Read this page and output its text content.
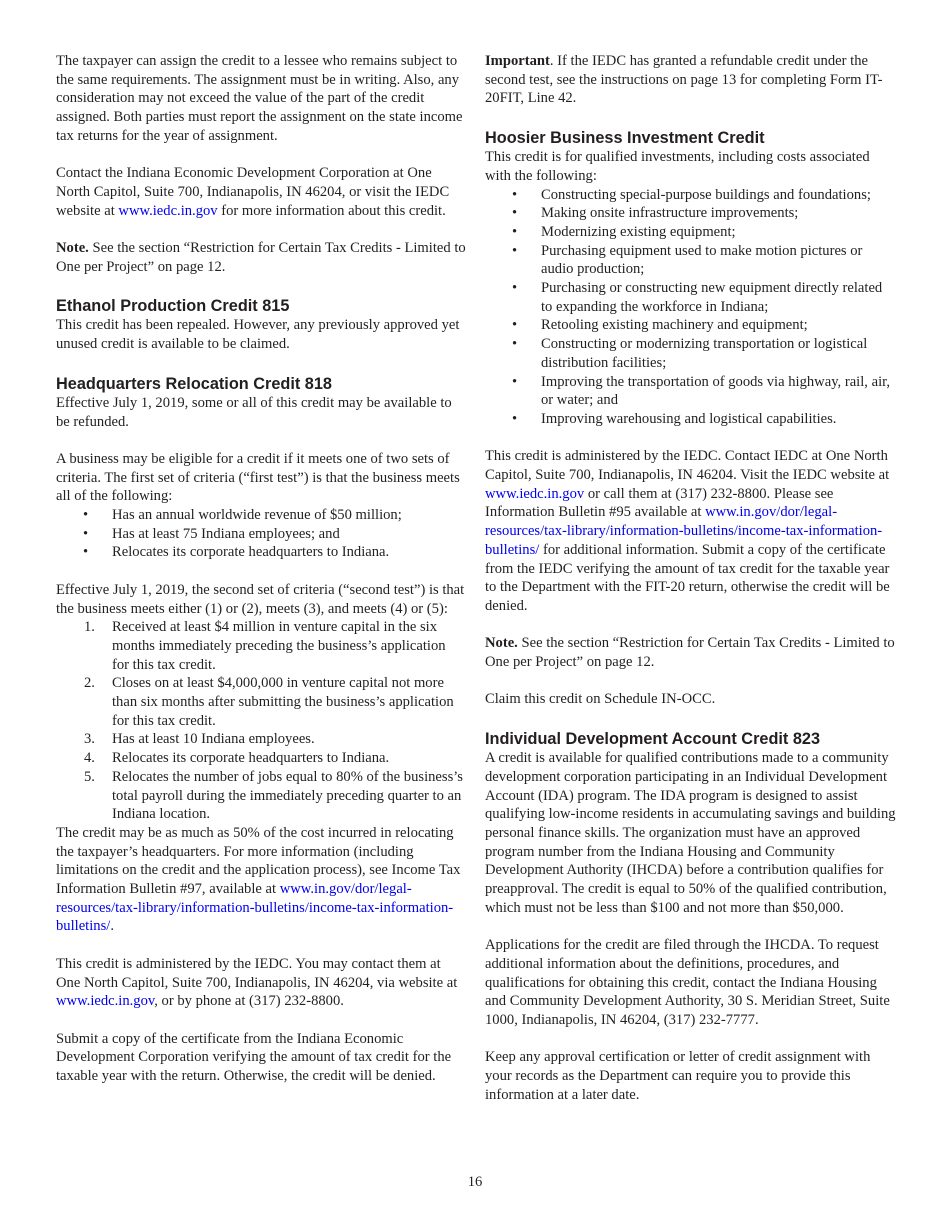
The taxpayer can assign the credit to a lessee who remains subject to the same requirements. The assignment must be in writing. Also, any consideration may not exceed the value of the part of the credit assigned. Both parties must report the assignment on the state income tax returns for the year of assignment.

Contact the Indiana Economic Development Corporation at One North Capitol, Suite 700, Indianapolis, IN 46204, or visit the IEDC website at www.iedc.in.gov for more information about this credit.

Note. See the section “Restriction for Certain Tax Credits - Limited to One per Project” on page 12.

Ethanol Production Credit 815

This credit has been repealed. However, any previously approved yet unused credit is available to be claimed.

Headquarters Relocation Credit 818

Effective July 1, 2019, some or all of this credit may be available to be refunded.

A business may be eligible for a credit if it meets one of two sets of criteria. The first set of criteria (“first test”) is that the business meets all of the following:

• Has an annual worldwide revenue of $50 million;
• Has at least 75 Indiana employees; and
• Relocates its corporate headquarters to Indiana.

Effective July 1, 2019, the second set of criteria (“second test”) is that the business meets either (1) or (2), meets (3), and meets (4) or (5):

1. Received at least $4 million in venture capital in the six months immediately preceding the business’s application for this tax credit.
2. Closes on at least $4,000,000 in venture capital not more than six months after submitting the business’s application for this tax credit.
3. Has at least 10 Indiana employees.
4. Relocates its corporate headquarters to Indiana.
5. Relocates the number of jobs equal to 80% of the business’s total payroll during the immediately preceding quarter to an Indiana location.

The credit may be as much as 50% of the cost incurred in relocating the taxpayer’s headquarters. For more information (including limitations on the credit and the application process), see Income Tax Information Bulletin #97, available at www.in.gov/dor/legal-resources/tax-library/information-bulletins/income-tax-information-bulletins/.

This credit is administered by the IEDC. You may contact them at One North Capitol, Suite 700, Indianapolis, IN 46204, via website at www.iedc.in.gov, or by phone at (317) 232-8800.

Submit a copy of the certificate from the Indiana Economic Development Corporation verifying the amount of tax credit for the taxable year with the return. Otherwise, the credit will be denied.

Important. If the IEDC has granted a refundable credit under the second test, see the instructions on page 13 for completing Form IT-20FIT, Line 42.

Hoosier Business Investment Credit

This credit is for qualified investments, including costs associated with the following:

• Constructing special-purpose buildings and foundations;
• Making onsite infrastructure improvements;
• Modernizing existing equipment;
• Purchasing equipment used to make motion pictures or audio production;
• Purchasing or constructing new equipment directly related to expanding the workforce in Indiana;
• Retooling existing machinery and equipment;
• Constructing or modernizing transportation or logistical distribution facilities;
• Improving the transportation of goods via highway, rail, air, or water; and
• Improving warehousing and logistical capabilities.

This credit is administered by the IEDC. Contact IEDC at One North Capitol, Suite 700, Indianapolis, IN 46204. Visit the IEDC website at www.iedc.in.gov or call them at (317) 232-8800. Please see Information Bulletin #95 available at www.in.gov/dor/legal-resources/tax-library/information-bulletins/income-tax-information-bulletins/ for additional information. Submit a copy of the certificate from the IEDC verifying the amount of tax credit for the taxable year to the Department with the FIT-20 return, otherwise the credit will be denied.

Note. See the section “Restriction for Certain Tax Credits - Limited to One per Project” on page 12.

Claim this credit on Schedule IN-OCC.

Individual Development Account Credit 823

A credit is available for qualified contributions made to a community development corporation participating in an Individual Development Account (IDA) program. The IDA program is designed to assist qualifying low-income residents in accumulating savings and building personal finance skills. The organization must have an approved program number from the Indiana Housing and Community Development Authority (IHCDA) before a contribution qualifies for preapproval. The credit is equal to 50% of the qualified contribution, which must not be less than $100 and not more than $50,000.

Applications for the credit are filed through the IHCDA. To request additional information about the definitions, procedures, and qualifications for obtaining this credit, contact the Indiana Housing and Community Development Authority, 30 S. Meridian Street, Suite 1000, Indianapolis, IN 46204, (317) 232-7777.

Keep any approval certification or letter of credit assignment with your records as the Department can require you to provide this information at a later date.

16
